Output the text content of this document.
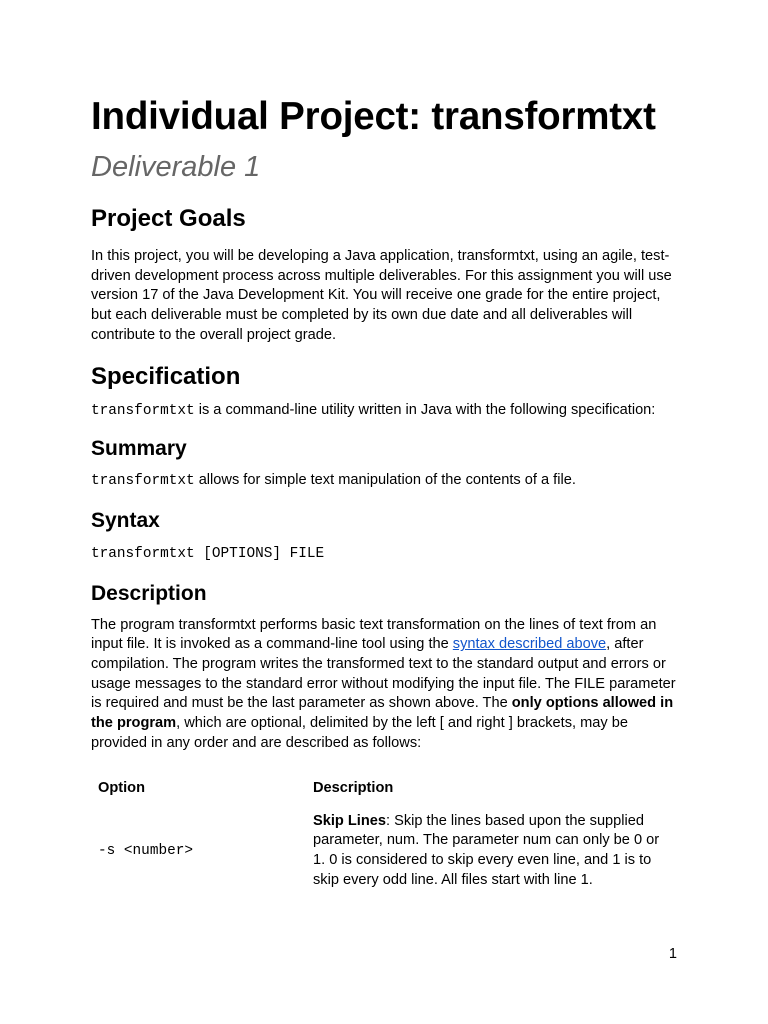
Individual Project: transformtxt
Deliverable 1
Project Goals

In this project, you will be developing a Java application, transformtxt, using an agile, test-driven development process across multiple deliverables. For this assignment you will use version 17 of the Java Development Kit. You will receive one grade for the entire project, but each deliverable must be completed by its own due date and all deliverables will contribute to the overall project grade.

Specification

transformtxt is a command-line utility written in Java with the following specification:

Summary

transformtxt allows for simple text manipulation of the contents of a file.

Syntax

transformtxt [OPTIONS] FILE

Description

The program transformtxt performs basic text transformation on the lines of text from an input file. It is invoked as a command-line tool using the syntax described above, after compilation. The program writes the transformed text to the standard output and errors or usage messages to the standard error without modifying the input file. The FILE parameter is required and must be the last parameter as shown above. The only options allowed in the program, which are optional, delimited by the left [ and right ] brackets, may be provided in any order and are described as follows:

Option	Description
-s <number>	Skip Lines: Skip the lines based upon the supplied parameter, num. The parameter num can only be 0 or 1. 0 is considered to skip every even line, and 1 is to skip every odd line. All files start with line 1.
1
